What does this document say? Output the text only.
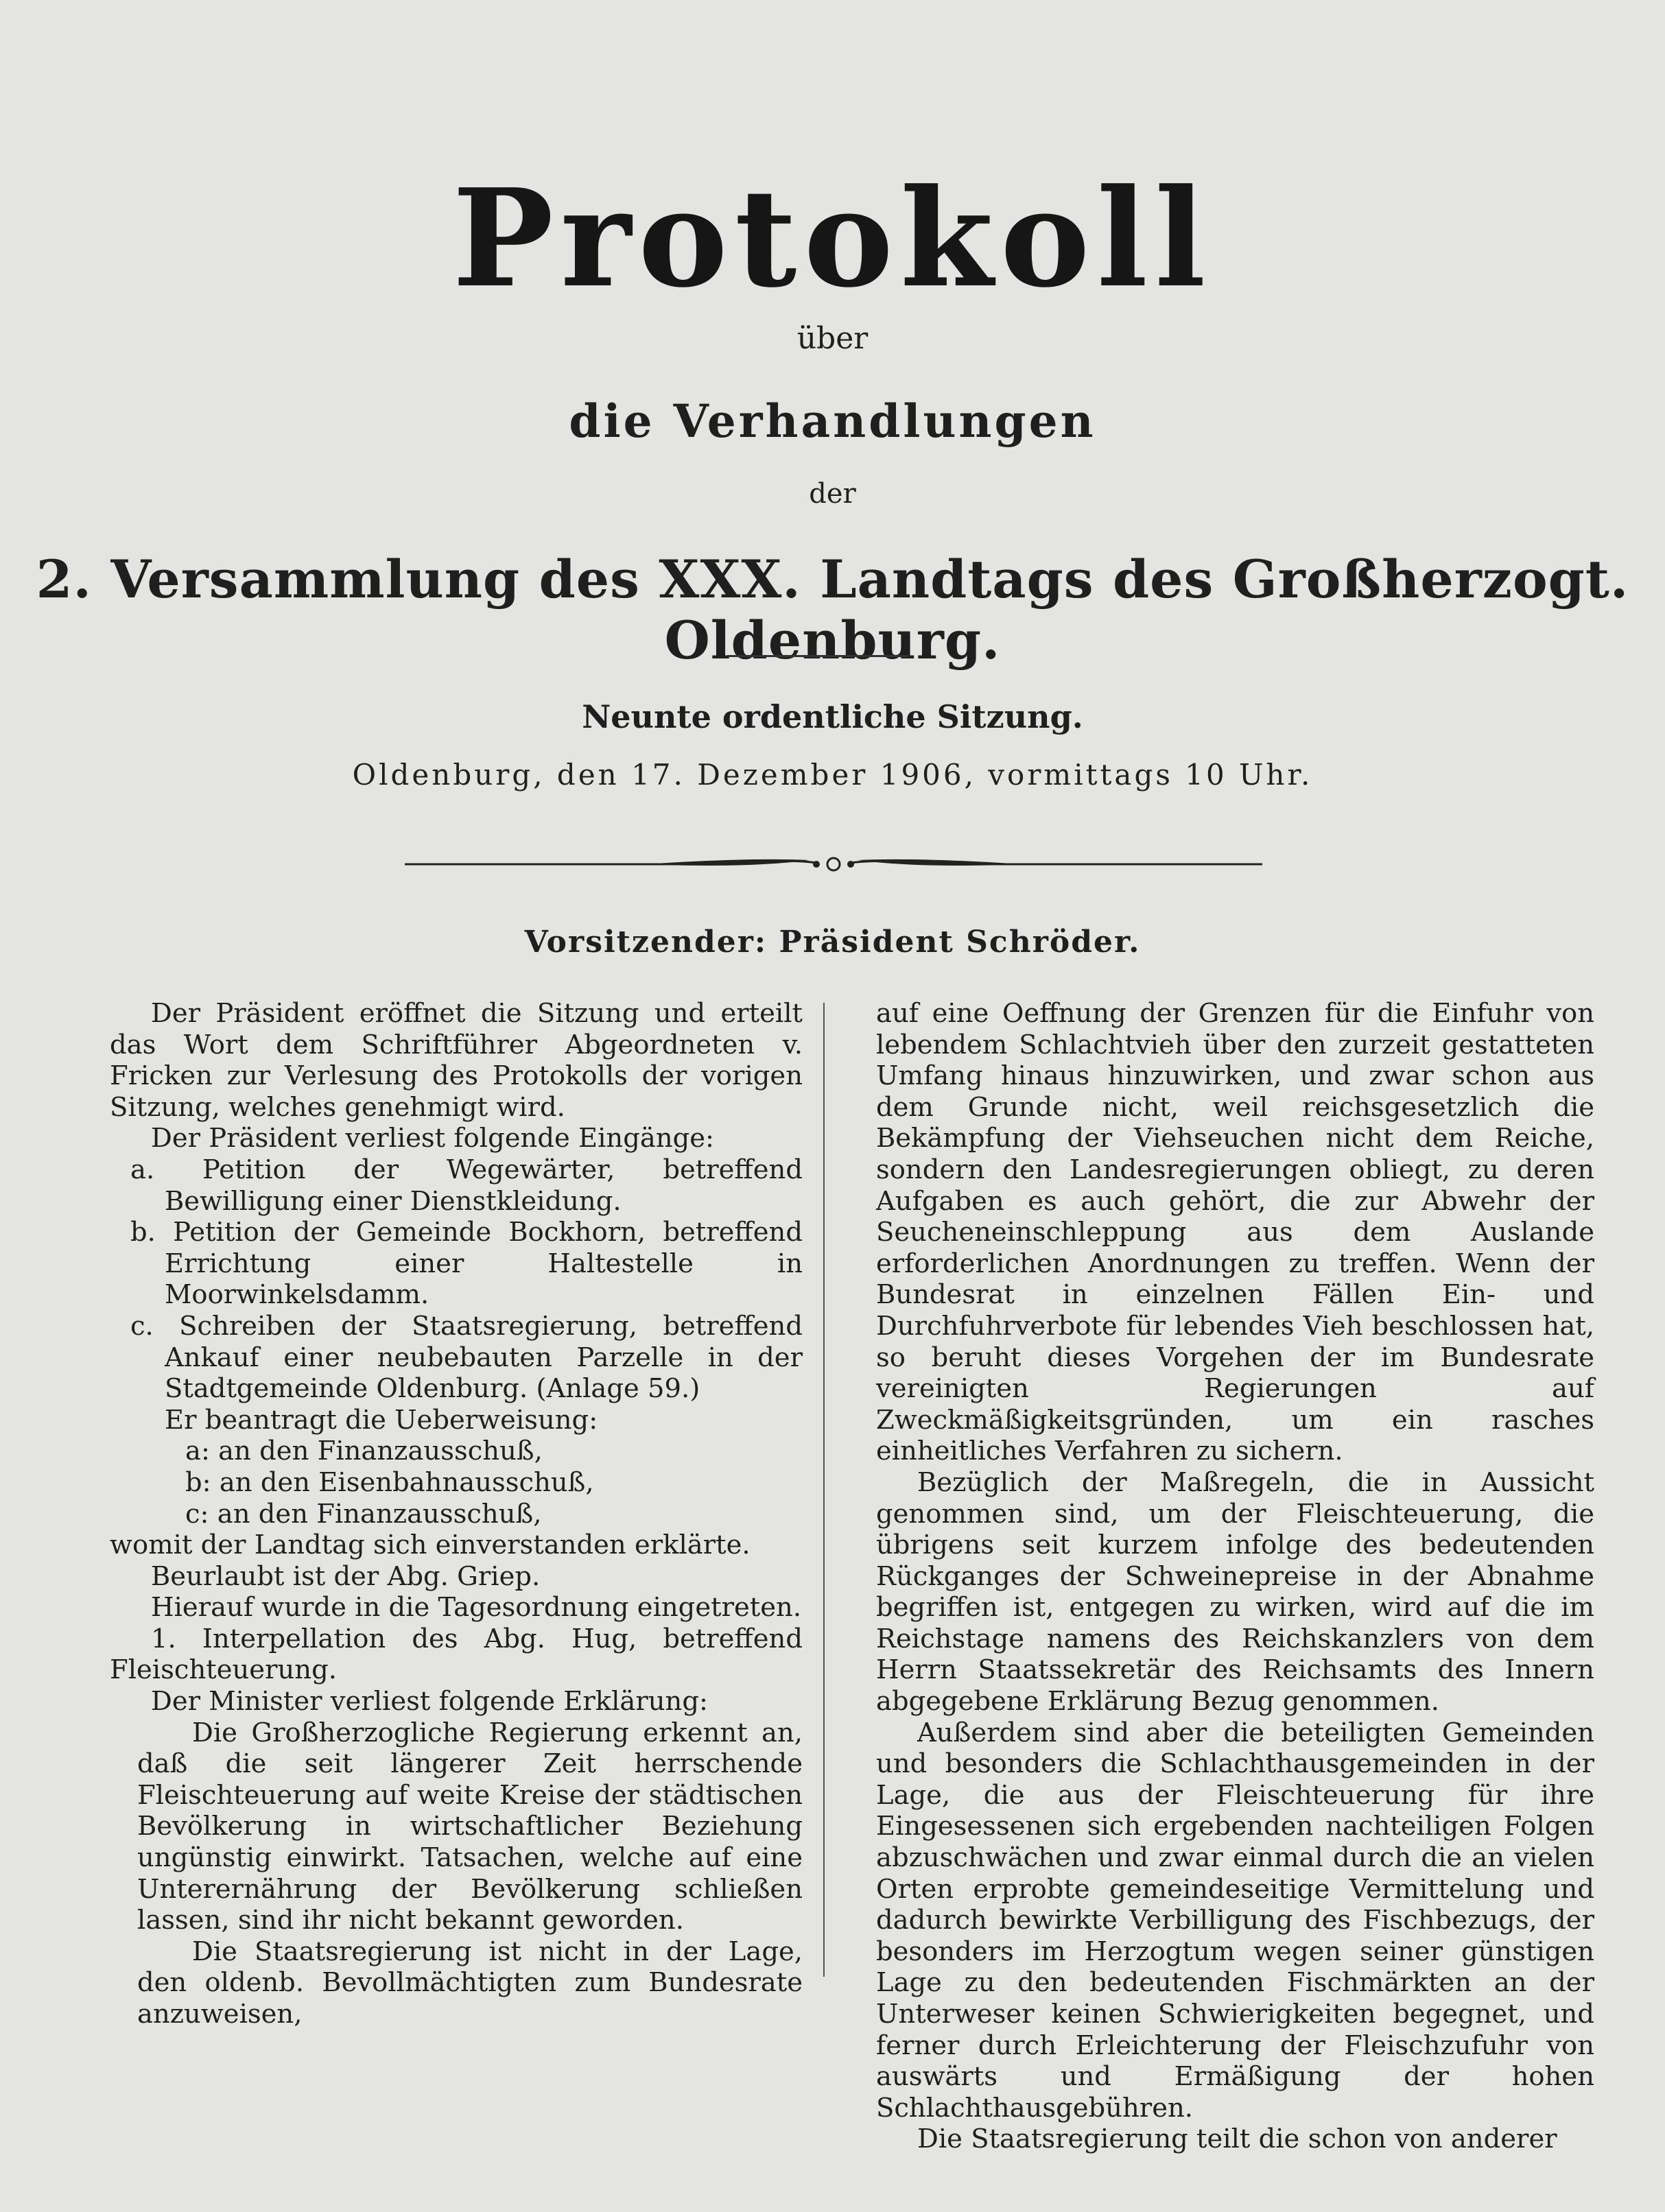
Protokoll
über
die Verhandlungen
der
2. Versammlung des XXX. Landtags des Großherzogt. Oldenburg.
Neunte ordentliche Sitzung.
Oldenburg, den 17. Dezember 1906, vormittags 10 Uhr.
Vorsitzender: Präsident Schröder.

Der Präsident eröffnet die Sitzung und erteilt das Wort dem Schriftführer Abgeordneten v. Fricken zur Verlesung des Protokolls der vorigen Sitzung, welches genehmigt wird.

Der Präsident verliest folgende Eingänge:

a. Petition der Wegewärter, betreffend Bewilligung einer Dienstkleidung.

b. Petition der Gemeinde Bockhorn, betreffend Errichtung einer Haltestelle in Moorwinkelsdamm.

c. Schreiben der Staatsregierung, betreffend Ankauf einer neubebauten Parzelle in der Stadtgemeinde Oldenburg. (Anlage 59.)

Er beantragt die Ueberweisung:

a: an den Finanzausschuß,

b: an den Eisenbahnausschuß,

c: an den Finanzausschuß,

womit der Landtag sich einverstanden erklärte.

Beurlaubt ist der Abg. Griep.

Hierauf wurde in die Tagesordnung eingetreten.

1. Interpellation des Abg. Hug, betreffend Fleischteuerung.

Der Minister verliest folgende Erklärung:

Die Großherzogliche Regierung erkennt an, daß die seit längerer Zeit herrschende Fleischteuerung auf weite Kreise der städtischen Bevölkerung in wirtschaftlicher Beziehung ungünstig einwirkt. Tatsachen, welche auf eine Unterernährung der Bevölkerung schließen lassen, sind ihr nicht bekannt geworden.

Die Staatsregierung ist nicht in der Lage, den oldenb. Bevollmächtigten zum Bundesrate anzuweisen,

auf eine Oeffnung der Grenzen für die Einfuhr von lebendem Schlachtvieh über den zurzeit gestatteten Umfang hinaus hinzuwirken, und zwar schon aus dem Grunde nicht, weil reichsgesetzlich die Bekämpfung der Viehseuchen nicht dem Reiche, sondern den Landesregierungen obliegt, zu deren Aufgaben es auch gehört, die zur Abwehr der Seucheneinschleppung aus dem Auslande erforderlichen Anordnungen zu treffen. Wenn der Bundesrat in einzelnen Fällen Ein- und Durchfuhrverbote für lebendes Vieh beschlossen hat, so beruht dieses Vorgehen der im Bundesrate vereinigten Regierungen auf Zweckmäßigkeitsgründen, um ein rasches einheitliches Verfahren zu sichern.

Bezüglich der Maßregeln, die in Aussicht genommen sind, um der Fleischteuerung, die übrigens seit kurzem infolge des bedeutenden Rückganges der Schweinepreise in der Abnahme begriffen ist, entgegen zu wirken, wird auf die im Reichstage namens des Reichskanzlers von dem Herrn Staatssekretär des Reichsamts des Innern abgegebene Erklärung Bezug genommen.

Außerdem sind aber die beteiligten Gemeinden und besonders die Schlachthausgemeinden in der Lage, die aus der Fleischteuerung für ihre Eingesessenen sich ergebenden nachteiligen Folgen abzuschwächen und zwar einmal durch die an vielen Orten erprobte gemeindeseitige Vermittelung und dadurch bewirkte Verbilligung des Fischbezugs, der besonders im Herzogtum wegen seiner günstigen Lage zu den bedeutenden Fischmärkten an der Unterweser keinen Schwierigkeiten begegnet, und ferner durch Erleichterung der Fleischzufuhr von auswärts und Ermäßigung der hohen Schlachthausgebühren.

Die Staatsregierung teilt die schon von anderer
